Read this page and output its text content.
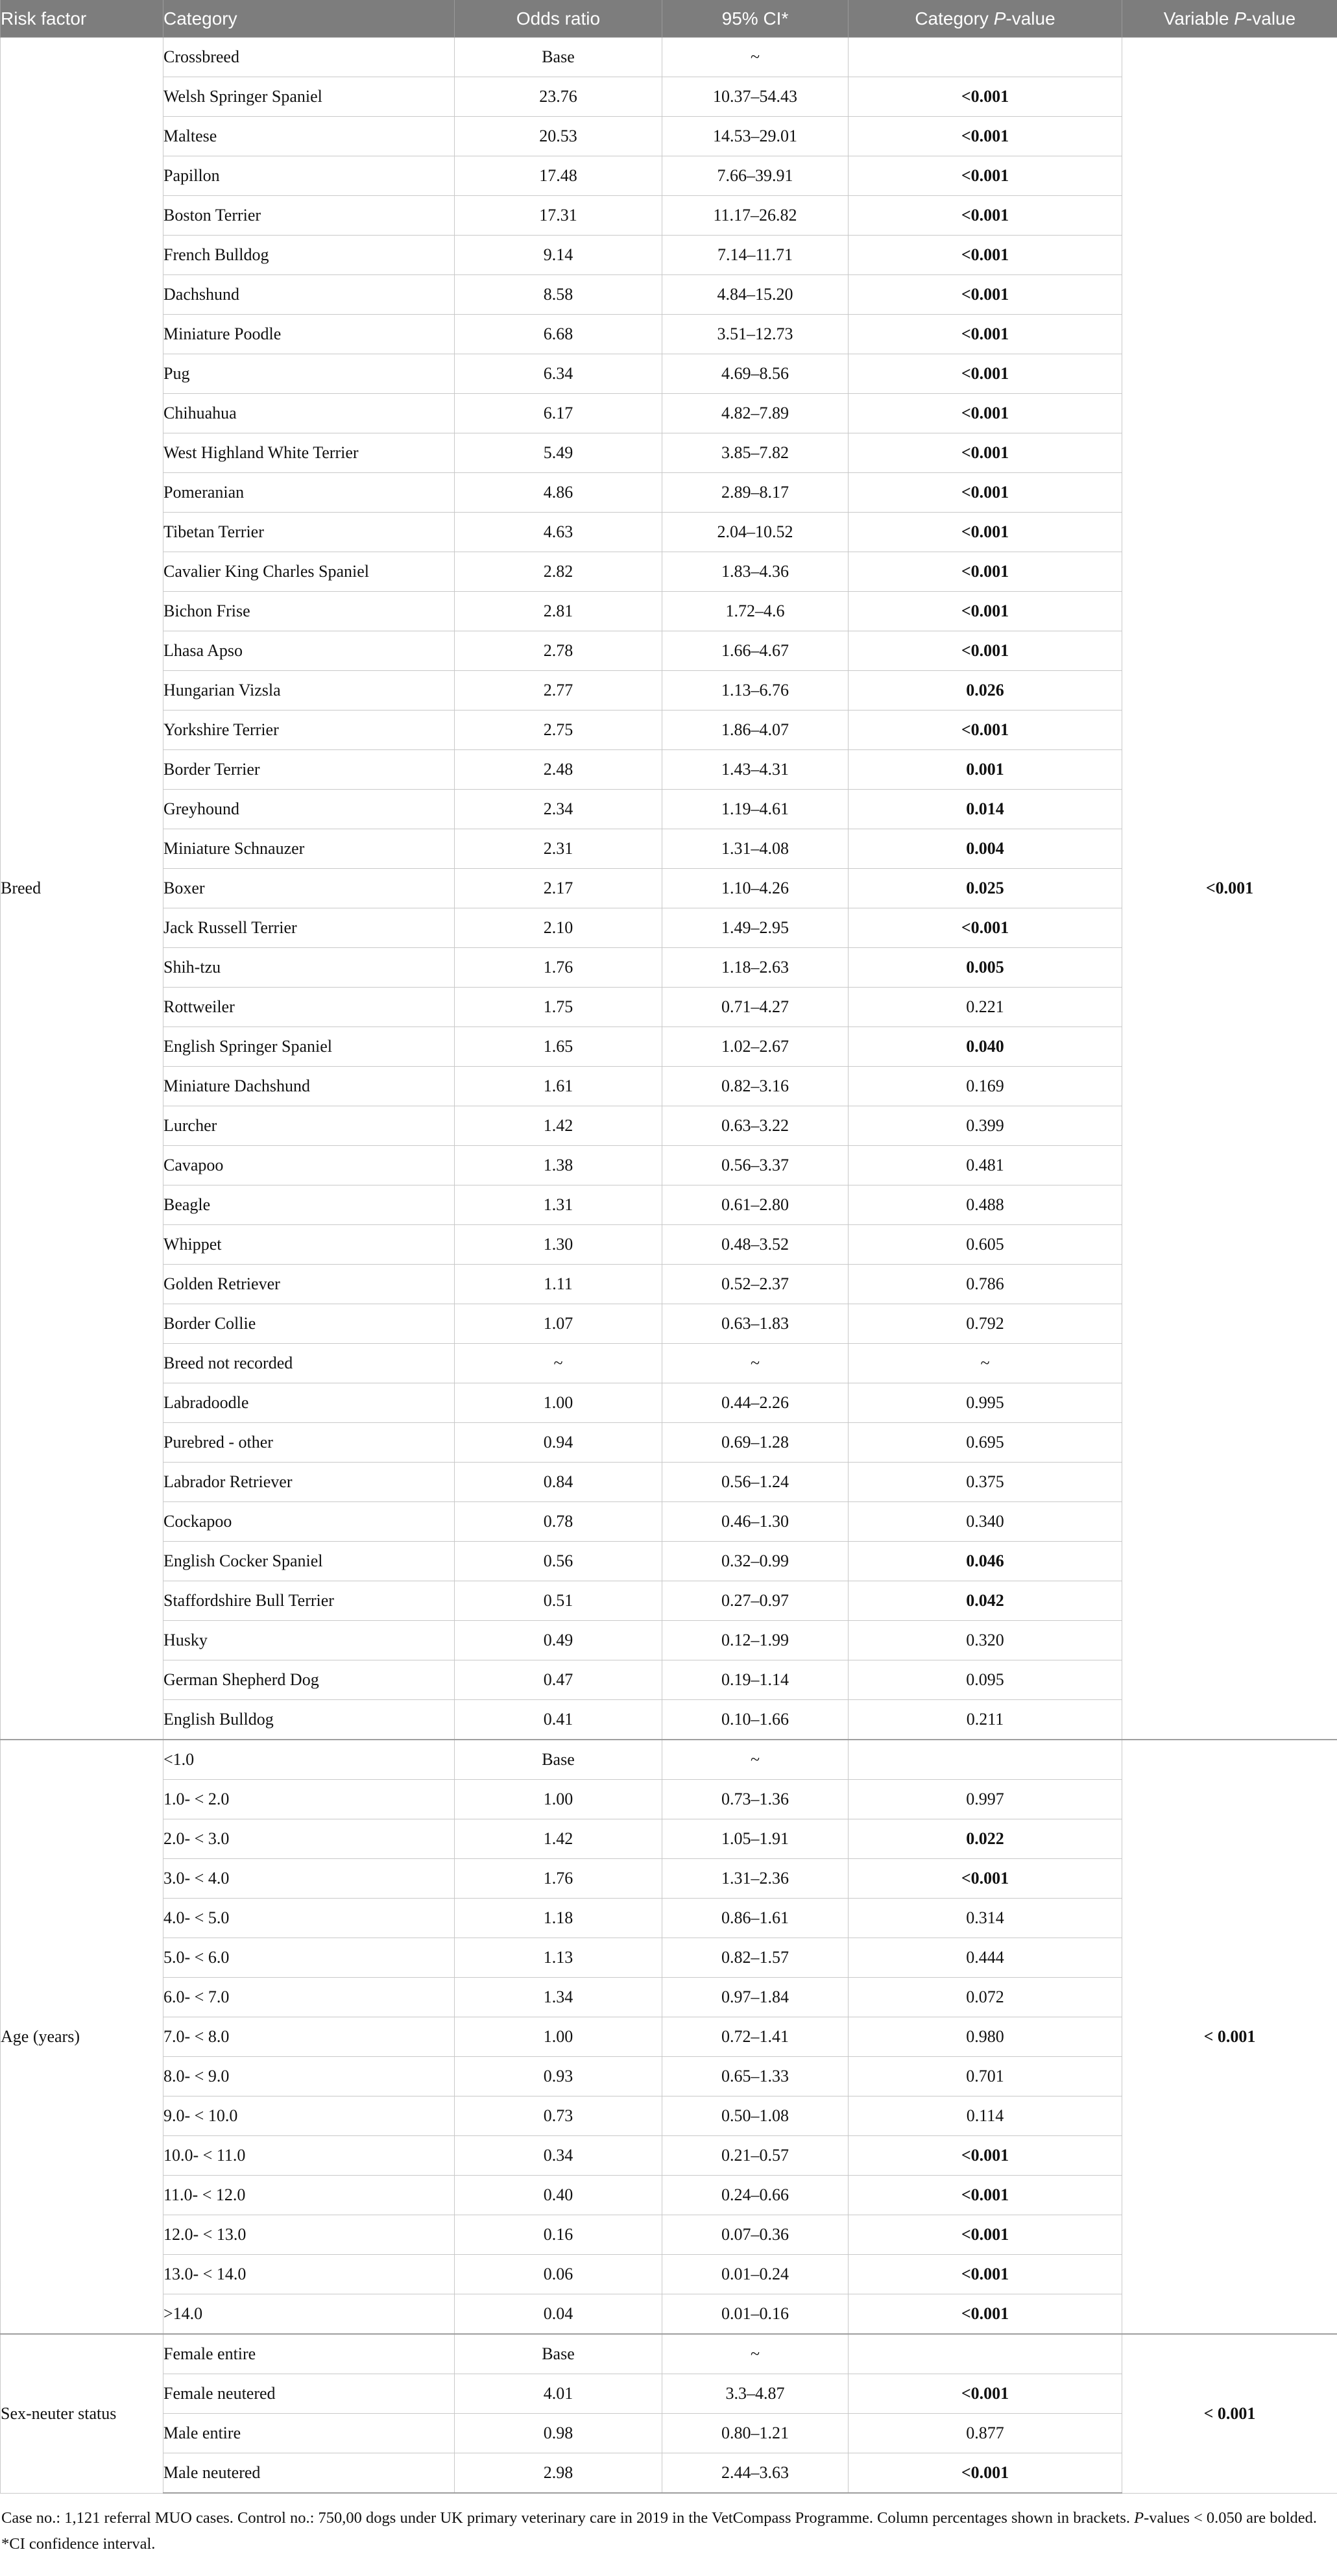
Risk factor	Category	Odds ratio	95% CI*	Category P-value	Variable P-value
Breed	Crossbreed	Base	~		<0.001
	Welsh Springer Spaniel	23.76	10.37–54.43	<0.001	
	Maltese	20.53	14.53–29.01	<0.001	
	Papillon	17.48	7.66–39.91	<0.001	
	Boston Terrier	17.31	11.17–26.82	<0.001	
	French Bulldog	9.14	7.14–11.71	<0.001	
	Dachshund	8.58	4.84–15.20	<0.001	
	Miniature Poodle	6.68	3.51–12.73	<0.001	
	Pug	6.34	4.69–8.56	<0.001	
	Chihuahua	6.17	4.82–7.89	<0.001	
	West Highland White Terrier	5.49	3.85–7.82	<0.001	
	Pomeranian	4.86	2.89–8.17	<0.001	
	Tibetan Terrier	4.63	2.04–10.52	<0.001	
	Cavalier King Charles Spaniel	2.82	1.83–4.36	<0.001	
	Bichon Frise	2.81	1.72–4.6	<0.001	
	Lhasa Apso	2.78	1.66–4.67	<0.001	
	Hungarian Vizsla	2.77	1.13–6.76	0.026	
	Yorkshire Terrier	2.75	1.86–4.07	<0.001	
	Border Terrier	2.48	1.43–4.31	0.001	
	Greyhound	2.34	1.19–4.61	0.014	
	Miniature Schnauzer	2.31	1.31–4.08	0.004	
	Boxer	2.17	1.10–4.26	0.025	
	Jack Russell Terrier	2.10	1.49–2.95	<0.001	
	Shih-tzu	1.76	1.18–2.63	0.005	
	Rottweiler	1.75	0.71–4.27	0.221	
	English Springer Spaniel	1.65	1.02–2.67	0.040	
	Miniature Dachshund	1.61	0.82–3.16	0.169	
	Lurcher	1.42	0.63–3.22	0.399	
	Cavapoo	1.38	0.56–3.37	0.481	
	Beagle	1.31	0.61–2.80	0.488	
	Whippet	1.30	0.48–3.52	0.605	
	Golden Retriever	1.11	0.52–2.37	0.786	
	Border Collie	1.07	0.63–1.83	0.792	
	Breed not recorded	~	~	~	
	Labradoodle	1.00	0.44–2.26	0.995	
	Purebred - other	0.94	0.69–1.28	0.695	
	Labrador Retriever	0.84	0.56–1.24	0.375	
	Cockapoo	0.78	0.46–1.30	0.340	
	English Cocker Spaniel	0.56	0.32–0.99	0.046	
	Staffordshire Bull Terrier	0.51	0.27–0.97	0.042	
	Husky	0.49	0.12–1.99	0.320	
	German Shepherd Dog	0.47	0.19–1.14	0.095	
	English Bulldog	0.41	0.10–1.66	0.211	
Age (years)	<1.0	Base	~		< 0.001
	1.0- < 2.0	1.00	0.73–1.36	0.997	
	2.0- < 3.0	1.42	1.05–1.91	0.022	
	3.0- < 4.0	1.76	1.31–2.36	<0.001	
	4.0- < 5.0	1.18	0.86–1.61	0.314	
	5.0- < 6.0	1.13	0.82–1.57	0.444	
	6.0- < 7.0	1.34	0.97–1.84	0.072	
	7.0- < 8.0	1.00	0.72–1.41	0.980	
	8.0- < 9.0	0.93	0.65–1.33	0.701	
	9.0- < 10.0	0.73	0.50–1.08	0.114	
	10.0- < 11.0	0.34	0.21–0.57	<0.001	
	11.0- < 12.0	0.40	0.24–0.66	<0.001	
	12.0- < 13.0	0.16	0.07–0.36	<0.001	
	13.0- < 14.0	0.06	0.01–0.24	<0.001	
	>14.0	0.04	0.01–0.16	<0.001	
Sex-neuter status	Female entire	Base	~		< 0.001
	Female neutered	4.01	3.3–4.87	<0.001	
	Male entire	0.98	0.80–1.21	0.877	
	Male neutered	2.98	2.44–3.63	<0.001	

Case no.: 1,121 referral MUO cases. Control no.: 750,00 dogs under UK primary veterinary care in 2019 in the VetCompass Programme. Column percentages shown in brackets. P-values < 0.050 are bolded. *CI confidence interval.
